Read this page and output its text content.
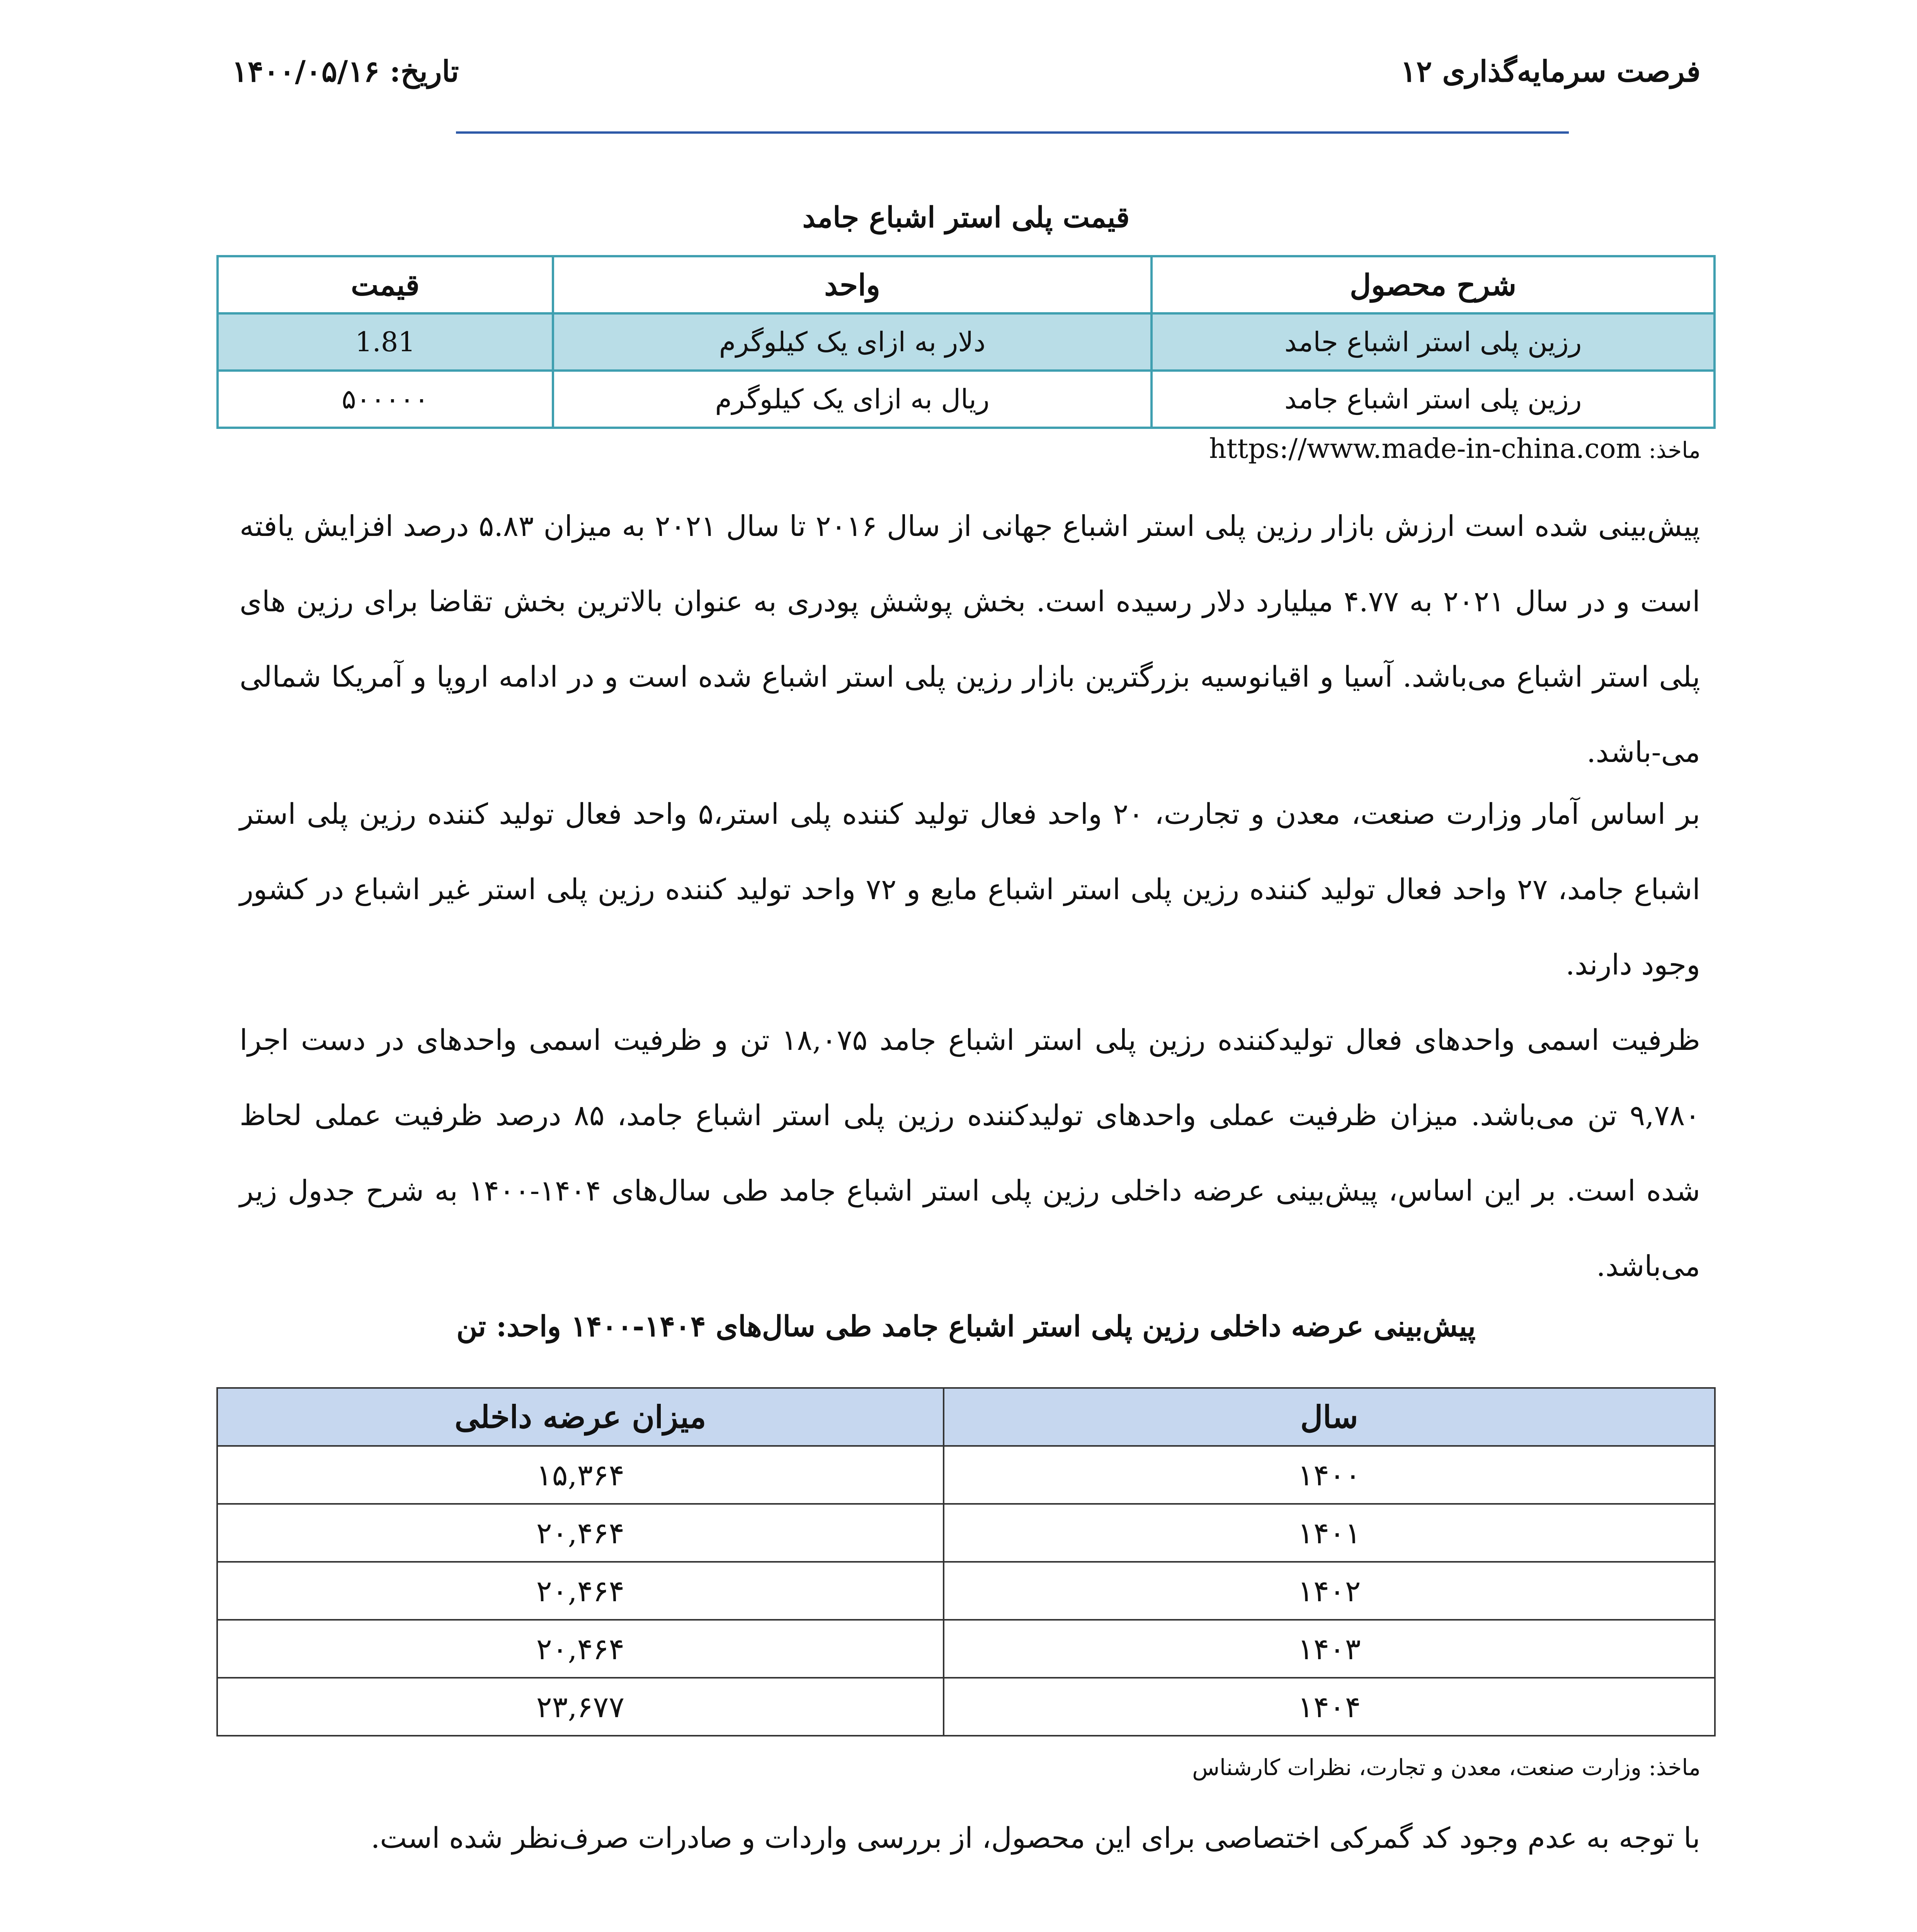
فرصت سرمایه‌گذاری ۱۲
تاریخ: ۱۴۰۰/۰۵/۱۶
قیمت پلی استر اشباع جامد
شرح محصول	واحد	قیمت
رزین پلی استر اشباع جامد	دلار به ازای یک کیلوگرم	1.81
رزین پلی استر اشباع جامد	ریال به ازای یک کیلوگرم	۵۰۰۰۰۰
ماخذ: https://www.made-in-china.com
پیش‌بینی شده است ارزش بازار رزین پلی استر اشباع جهانی از سال ۲۰۱۶ تا سال ۲۰۲۱ به میزان ۵.۸۳ درصد افزایش یافته است و در سال ۲۰۲۱ به ۴.۷۷ میلیارد دلار رسیده است. بخش پوشش پودری به عنوان بالاترین بخش تقاضا برای رزین های پلی استر اشباع می‌باشد. آسیا و اقیانوسیه بزرگترین بازار رزین پلی استر اشباع شده است و در ادامه اروپا و آمریکا شمالی می-باشد.
بر اساس آمار وزارت صنعت، معدن و تجارت، ۲۰ واحد فعال تولید کننده پلی استر،۵ واحد فعال تولید کننده رزین پلی استر اشباع جامد، ۲۷ واحد فعال تولید کننده رزین پلی استر اشباع مایع و ۷۲ واحد تولید کننده رزین پلی استر غیر اشباع در کشور وجود دارند.
ظرفیت اسمی واحدهای فعال تولیدکننده رزین پلی استر اشباع جامد ۱۸,۰۷۵ تن و ظرفیت اسمی واحدهای در دست اجرا ۹,۷۸۰ تن می‌باشد. میزان ظرفیت عملی واحدهای تولیدکننده رزین پلی استر اشباع جامد، ۸۵ درصد ظرفیت عملی لحاظ شده است. بر این اساس، پیش‌بینی عرضه داخلی رزین پلی استر اشباع جامد طی سال‌های ۱۴۰۴-۱۴۰۰ به شرح جدول زیر می‌باشد.
پیش‌بینی عرضه داخلی رزین پلی استر اشباع جامد طی سال‌های ۱۴۰۴-۱۴۰۰ واحد: تن
سال	میزان عرضه داخلی
۱۴۰۰	۱۵,۳۶۴
۱۴۰۱	۲۰,۴۶۴
۱۴۰۲	۲۰,۴۶۴
۱۴۰۳	۲۰,۴۶۴
۱۴۰۴	۲۳,۶۷۷
ماخذ: وزارت صنعت، معدن و تجارت، نظرات کارشناس
با توجه به عدم وجود کد گمرکی اختصاصی برای این محصول، از بررسی واردات و صادرات صرف‌نظر شده است.
